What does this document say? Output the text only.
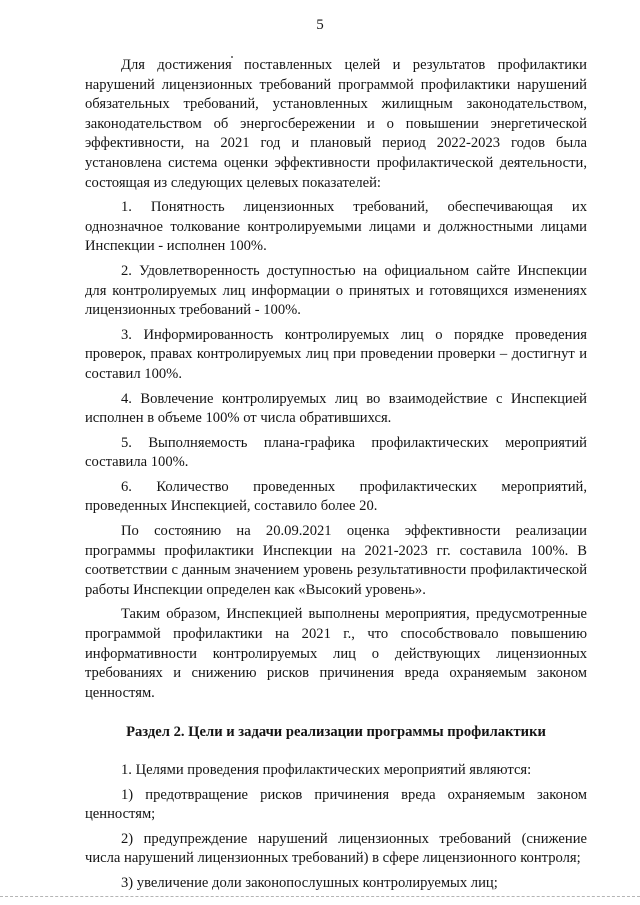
5

Для достижения поставленных целей и результатов профилактики нарушений лицензионных требований программой профилактики нарушений обязательных требований, установленных жилищным законодательством, законодательством об энергосбережении и о повышении энергетической эффективности, на 2021 год и плановый период 2022-2023 годов была установлена система оценки эффективности профилактической деятельности, состоящая из следующих целевых показателей:

1. Понятность лицензионных требований, обеспечивающая их однозначное толкование контролируемыми лицами и должностными лицами Инспекции - исполнен 100%.

2. Удовлетворенность доступностью на официальном сайте Инспекции для контролируемых лиц информации о принятых и готовящихся изменениях лицензионных требований - 100%.

3. Информированность контролируемых лиц о порядке проведения проверок, правах контролируемых лиц при проведении проверки – достигнут и составил 100%.

4. Вовлечение контролируемых лиц во взаимодействие с Инспекцией исполнен в объеме 100% от числа обратившихся.

5. Выполняемость плана-графика профилактических мероприятий составила 100%.

6. Количество проведенных профилактических мероприятий, проведенных Инспекцией, составило более 20.

По состоянию на 20.09.2021 оценка эффективности реализации программы профилактики Инспекции на 2021-2023 гг. составила 100%. В соответствии с данным значением уровень результативности профилактической работы Инспекции определен как «Высокий уровень».

Таким образом, Инспекцией выполнены мероприятия, предусмотренные программой профилактики на 2021 г., что способствовало повышению информативности контролируемых лиц о действующих лицензионных требованиях и снижению рисков причинения вреда охраняемым законом ценностям.

Раздел 2. Цели и задачи реализации программы профилактики

1. Целями проведения профилактических мероприятий являются:

1) предотвращение рисков причинения вреда охраняемым законом ценностям;

2) предупреждение нарушений лицензионных требований (снижение числа нарушений лицензионных требований) в сфере лицензионного контроля;

3) увеличение доли законопослушных контролируемых лиц;
